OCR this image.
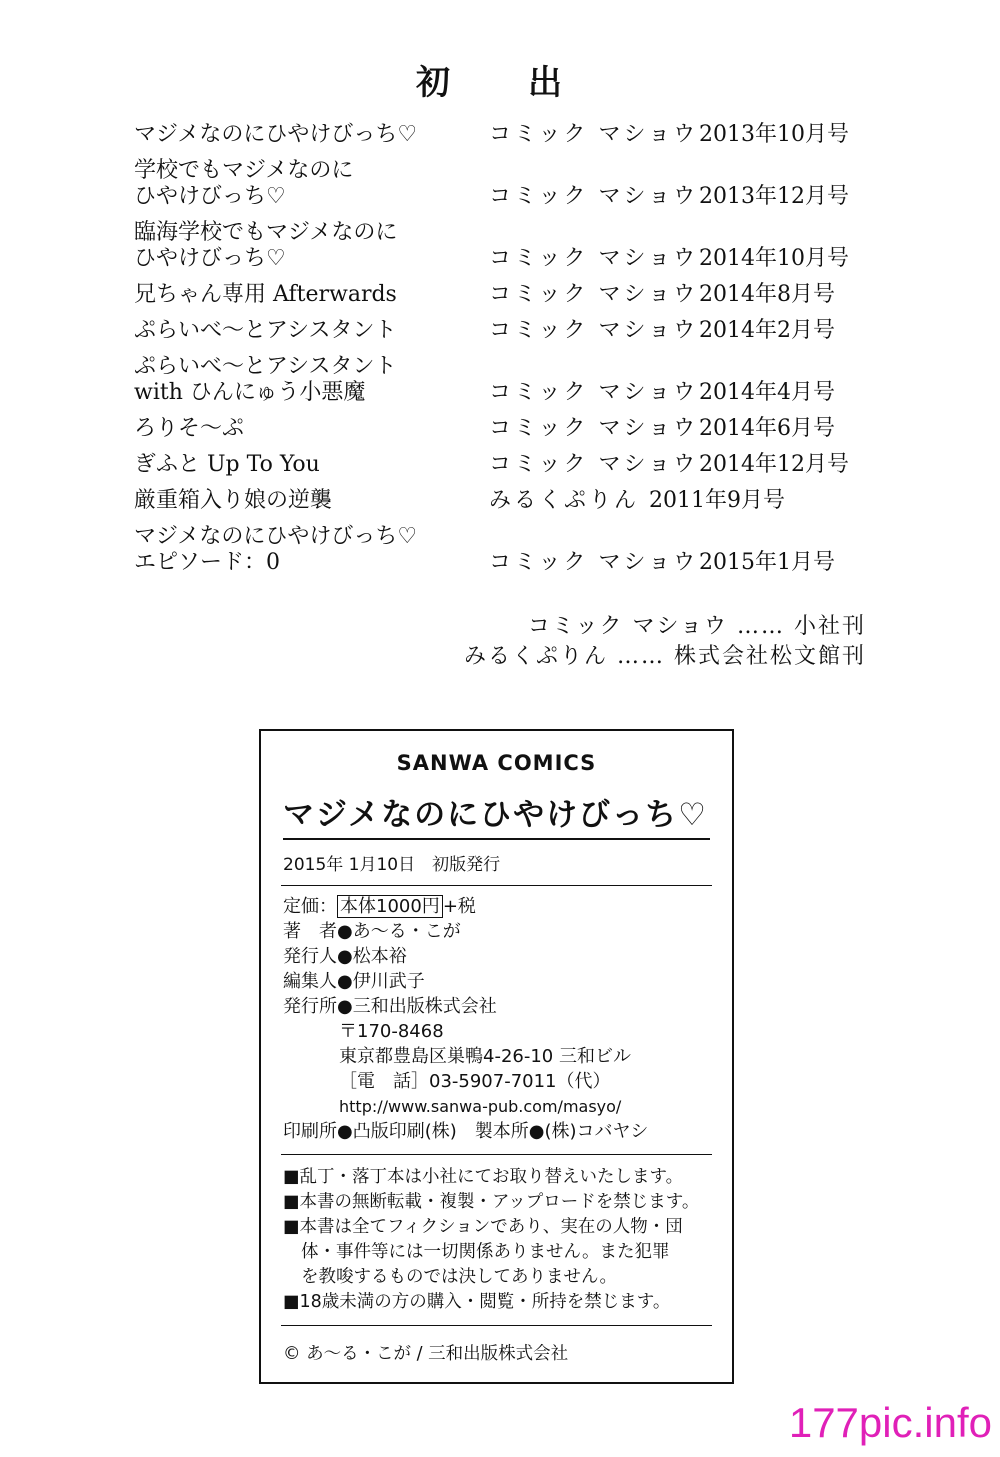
初　出
マジメなのにひやけびっち♡	コミック マショウ 2013年10月号
学校でもマジメなのに
ひやけびっち♡	コミック マショウ 2013年12月号
臨海学校でもマジメなのに
ひやけびっち♡	コミック マショウ 2014年10月号
兄ちゃん専用 Afterwards	コミック マショウ 2014年8月号
ぷらいべ〜とアシスタント	コミック マショウ 2014年2月号
ぷらいべ〜とアシスタント
with ひんにゅう小悪魔	コミック マショウ 2014年4月号
ろりそ〜ぷ	コミック マショウ 2014年6月号
ぎふと Up To You	コミック マショウ 2014年12月号
厳重箱入り娘の逆襲	みるくぷりん 2011年9月号
マジメなのにひやけびっち♡
エピソード：0	コミック マショウ 2015年1月号
コミック マショウ …… 小社刊
みるくぷりん …… 株式会社松文館刊
SANWA COMICS
マジメなのにひやけびっち♡
2015年 1月10日　初版発行
定価： 本体1000円 +税
著　者●あ〜る・こが
発行人●松本裕
編集人●伊川武子
発行所●三和出版株式会社
〒170-8468
東京都豊島区巣鴨4-26-10 三和ビル
［電　話］03-5907-7011（代）
http://www.sanwa-pub.com/masyo/
印刷所●凸版印刷(株)　製本所●(株)コバヤシ
■乱丁・落丁本は小社にてお取り替えいたします。
■本書の無断転載・複製・アップロードを禁じます。
■本書は全てフィクションであり、実在の人物・団
体・事件等には一切関係ありません。また犯罪
を教唆するものでは決してありません。
■18歳未満の方の購入・閲覧・所持を禁じます。
© あ〜る・こが / 三和出版株式会社
177pic.info
